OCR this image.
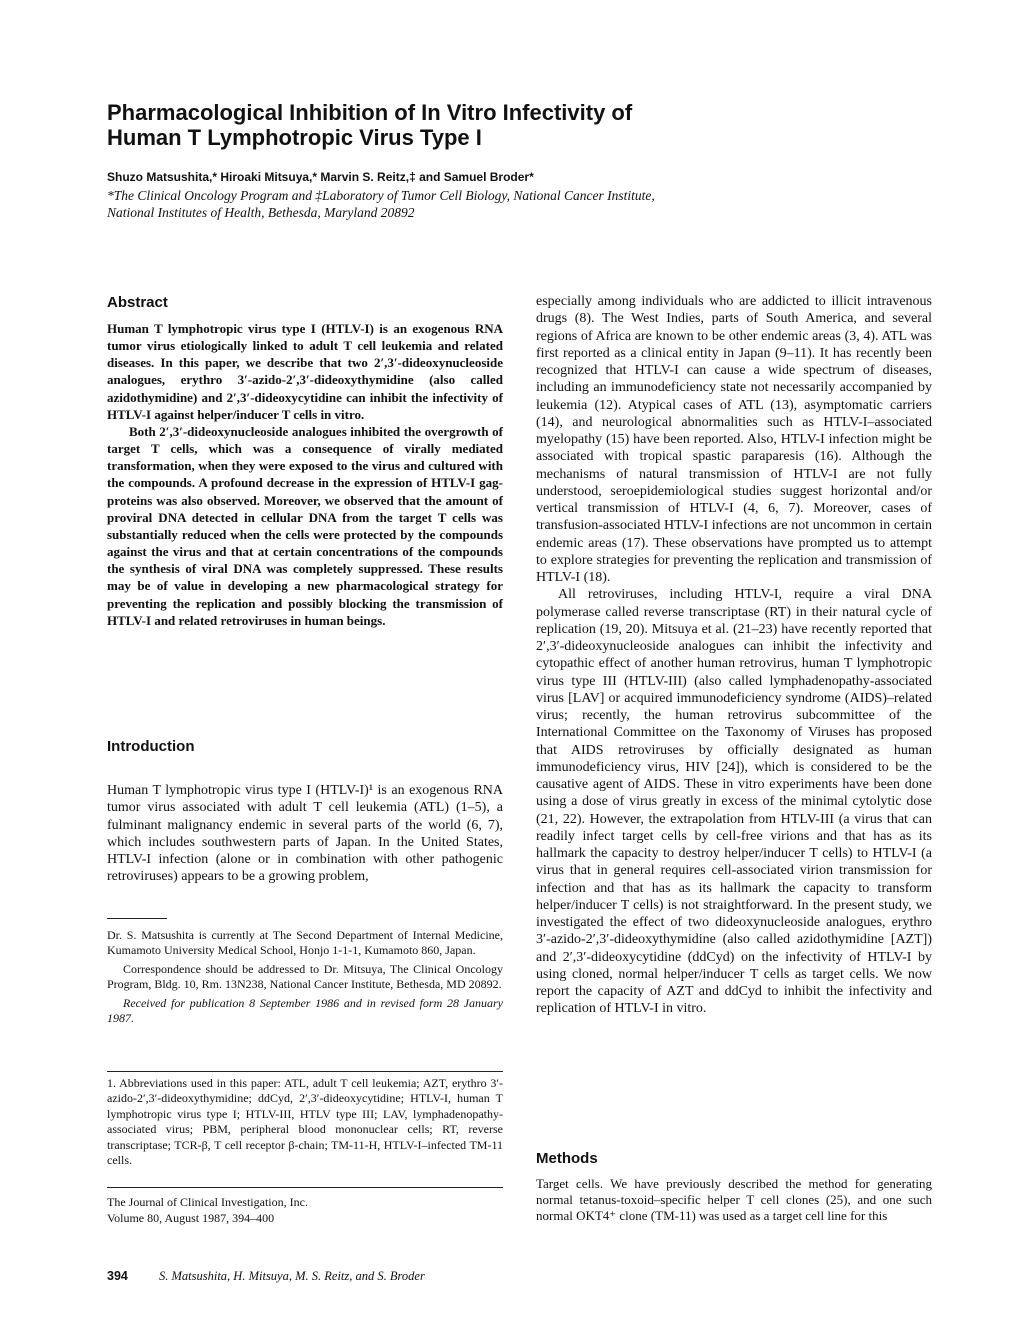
Pharmacological Inhibition of In Vitro Infectivity of
Human T Lymphotropic Virus Type I

Shuzo Matsushita,* Hiroaki Mitsuya,* Marvin S. Reitz,‡ and Samuel Broder*

*The Clinical Oncology Program and ‡Laboratory of Tumor Cell Biology, National Cancer Institute,
National Institutes of Health, Bethesda, Maryland 20892
Abstract

Human T lymphotropic virus type I (HTLV-I) is an exogenous RNA tumor virus etiologically linked to adult T cell leukemia and related diseases. In this paper, we describe that two 2′,3′-dideoxynucleoside analogues, erythro 3′-azido-2′,3′-dideoxythymidine (also called azidothymidine) and 2′,3′-dideoxycytidine can inhibit the infectivity of HTLV-I against helper/inducer T cells in vitro.

Both 2′,3′-dideoxynucleoside analogues inhibited the overgrowth of target T cells, which was a consequence of virally mediated transformation, when they were exposed to the virus and cultured with the compounds. A profound decrease in the expression of HTLV-I gag-proteins was also observed. Moreover, we observed that the amount of proviral DNA detected in cellular DNA from the target T cells was substantially reduced when the cells were protected by the compounds against the virus and that at certain concentrations of the compounds the synthesis of viral DNA was completely suppressed. These results may be of value in developing a new pharmacological strategy for preventing the replication and possibly blocking the transmission of HTLV-I and related retroviruses in human beings.

Introduction

Human T lymphotropic virus type I (HTLV-I)¹ is an exogenous RNA tumor virus associated with adult T cell leukemia (ATL) (1–5), a fulminant malignancy endemic in several parts of the world (6, 7), which includes southwestern parts of Japan. In the United States, HTLV-I infection (alone or in combination with other pathogenic retroviruses) appears to be a growing problem,

Dr. S. Matsushita is currently at The Second Department of Internal Medicine, Kumamoto University Medical School, Honjo 1-1-1, Kumamoto 860, Japan.

Correspondence should be addressed to Dr. Mitsuya, The Clinical Oncology Program, Bldg. 10, Rm. 13N238, National Cancer Institute, Bethesda, MD 20892.

Received for publication 8 September 1986 and in revised form 28 January 1987.

1. Abbreviations used in this paper: ATL, adult T cell leukemia; AZT, erythro 3′-azido-2′,3′-dideoxythymidine; ddCyd, 2′,3′-dideoxycytidine; HTLV-I, human T lymphotropic virus type I; HTLV-III, HTLV type III; LAV, lymphadenopathy-associated virus; PBM, peripheral blood mononuclear cells; RT, reverse transcriptase; TCR-β, T cell receptor β-chain; TM-11-H, HTLV-I–infected TM-11 cells.

The Journal of Clinical Investigation, Inc.

Volume 80, August 1987, 394–400

especially among individuals who are addicted to illicit intravenous drugs (8). The West Indies, parts of South America, and several regions of Africa are known to be other endemic areas (3, 4). ATL was first reported as a clinical entity in Japan (9–11). It has recently been recognized that HTLV-I can cause a wide spectrum of diseases, including an immunodeficiency state not necessarily accompanied by leukemia (12). Atypical cases of ATL (13), asymptomatic carriers (14), and neurological abnormalities such as HTLV-I–associated myelopathy (15) have been reported. Also, HTLV-I infection might be associated with tropical spastic paraparesis (16). Although the mechanisms of natural transmission of HTLV-I are not fully understood, seroepidemiological studies suggest horizontal and/or vertical transmission of HTLV-I (4, 6, 7). Moreover, cases of transfusion-associated HTLV-I infections are not uncommon in certain endemic areas (17). These observations have prompted us to attempt to explore strategies for preventing the replication and transmission of HTLV-I (18).

All retroviruses, including HTLV-I, require a viral DNA polymerase called reverse transcriptase (RT) in their natural cycle of replication (19, 20). Mitsuya et al. (21–23) have recently reported that 2′,3′-dideoxynucleoside analogues can inhibit the infectivity and cytopathic effect of another human retrovirus, human T lymphotropic virus type III (HTLV-III) (also called lymphadenopathy-associated virus [LAV] or acquired immunodeficiency syndrome (AIDS)–related virus; recently, the human retrovirus subcommittee of the International Committee on the Taxonomy of Viruses has proposed that AIDS retroviruses by officially designated as human immunodeficiency virus, HIV [24]), which is considered to be the causative agent of AIDS. These in vitro experiments have been done using a dose of virus greatly in excess of the minimal cytolytic dose (21, 22). However, the extrapolation from HTLV-III (a virus that can readily infect target cells by cell-free virions and that has as its hallmark the capacity to destroy helper/inducer T cells) to HTLV-I (a virus that in general requires cell-associated virion transmission for infection and that has as its hallmark the capacity to transform helper/inducer T cells) is not straightforward. In the present study, we investigated the effect of two dideoxynucleoside analogues, erythro 3′-azido-2′,3′-dideoxythymidine (also called azidothymidine [AZT]) and 2′,3′-dideoxycytidine (ddCyd) on the infectivity of HTLV-I by using cloned, normal helper/inducer T cells as target cells. We now report the capacity of AZT and ddCyd to inhibit the infectivity and replication of HTLV-I in vitro.

Methods

Target cells. We have previously described the method for generating normal tetanus-toxoid–specific helper T cell clones (25), and one such normal OKT4⁺ clone (TM-11) was used as a target cell line for this

394 S. Matsushita, H. Mitsuya, M. S. Reitz, and S. Broder
